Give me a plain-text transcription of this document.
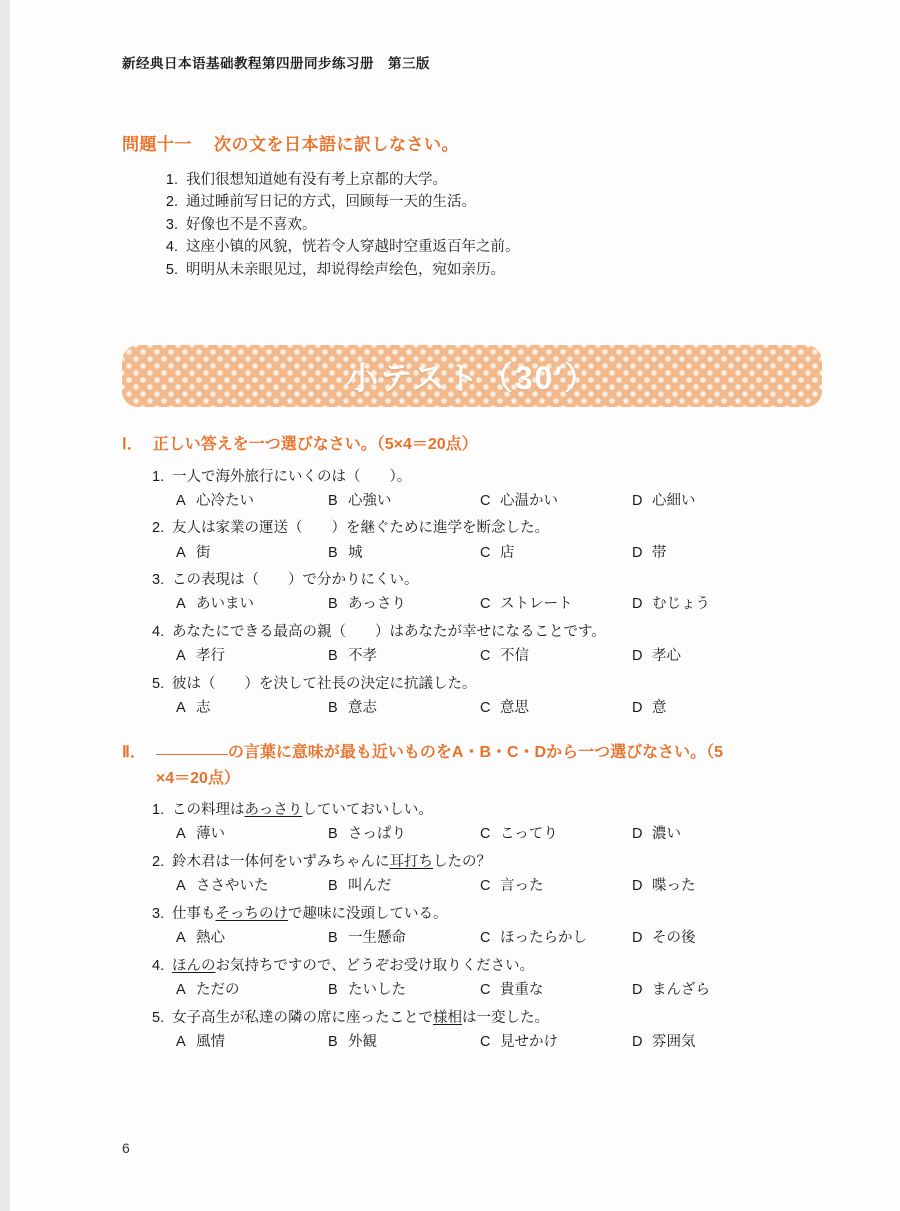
新经典日本语基础教程第四册同步练习册　第三版
問題十一 次の文を日本語に訳しなさい。
1. 我们很想知道她有没有考上京都的大学。
2. 通过睡前写日记的方式，回顾每一天的生活。
3. 好像也不是不喜欢。
4. 这座小镇的风貌，恍若令人穿越时空重返百年之前。
5. 明明从未亲眼见过，却说得绘声绘色，宛如亲历。
小テスト（30′）
Ⅰ． 正しい答えを一つ選びなさい。（5×4＝20点）
1. 一人で海外旅行にいくのは（　　）。
A 心冷たい	B 心強い	C 心温かい	D 心細い
2. 友人は家業の運送（　　）を継ぐために進学を断念した。
A 街	B 城	C 店	D 帯
3. この表現は（　　）で分かりにくい。
A あいまい	B あっさり	C ストレート	D むじょう
4. あなたにできる最高の親（　　）はあなたが幸せになることです。
A 孝行	B 不孝	C 不信	D 孝心
5. 彼は（　　）を決して社長の決定に抗議した。
A 志	B 意志	C 意思	D 意
Ⅱ．	の言葉に意味が最も近いものをA・B・C・Dから一つ選びなさい。（5
×4＝20点）
1. この料理はあっさりしていておいしい。
A 薄い	B さっぱり	C こってり	D 濃い
2. 鈴木君は一体何をいずみちゃんに耳打ちしたの？
A ささやいた	B 叫んだ	C 言った	D 喋った
3. 仕事もそっちのけで趣味に没頭している。
A 熱心	B 一生懸命	C ほったらかし	D その後
4. ほんのお気持ちですので、どうぞお受け取りください。
A ただの	B たいした	C 貴重な	D まんざら
5. 女子高生が私達の隣の席に座ったことで様相は一変した。
A 風情	B 外観	C 見せかけ	D 雰囲気
6
